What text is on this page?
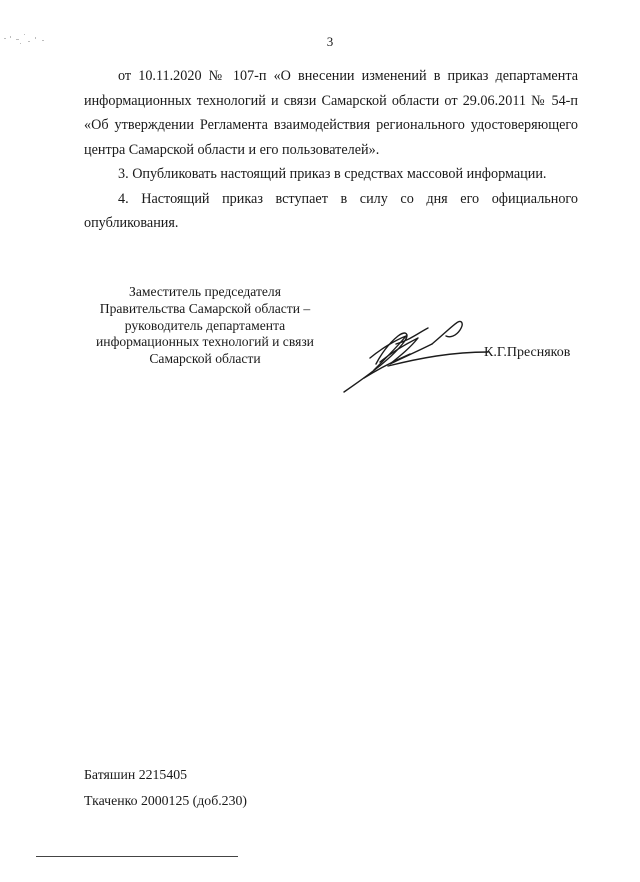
3

от 10.11.2020 № 107-п «О внесении изменений в приказ департамента информационных технологий и связи Самарской области от 29.06.2011 № 54-п «Об утверждении Регламента взаимодействия регионального удостоверяющего центра Самарской области и его пользователей».

3. Опубликовать настоящий приказ в средствах массовой информации.

4. Настоящий приказ вступает в силу со дня его официального опубликования.

Заместитель председателя
Правительства Самарской области –
руководитель департамента
информационных технологий и связи
Самарской области	К.Г.Пресняков
Батяшин 2215405
Ткаченко 2000125 (доб.230)
